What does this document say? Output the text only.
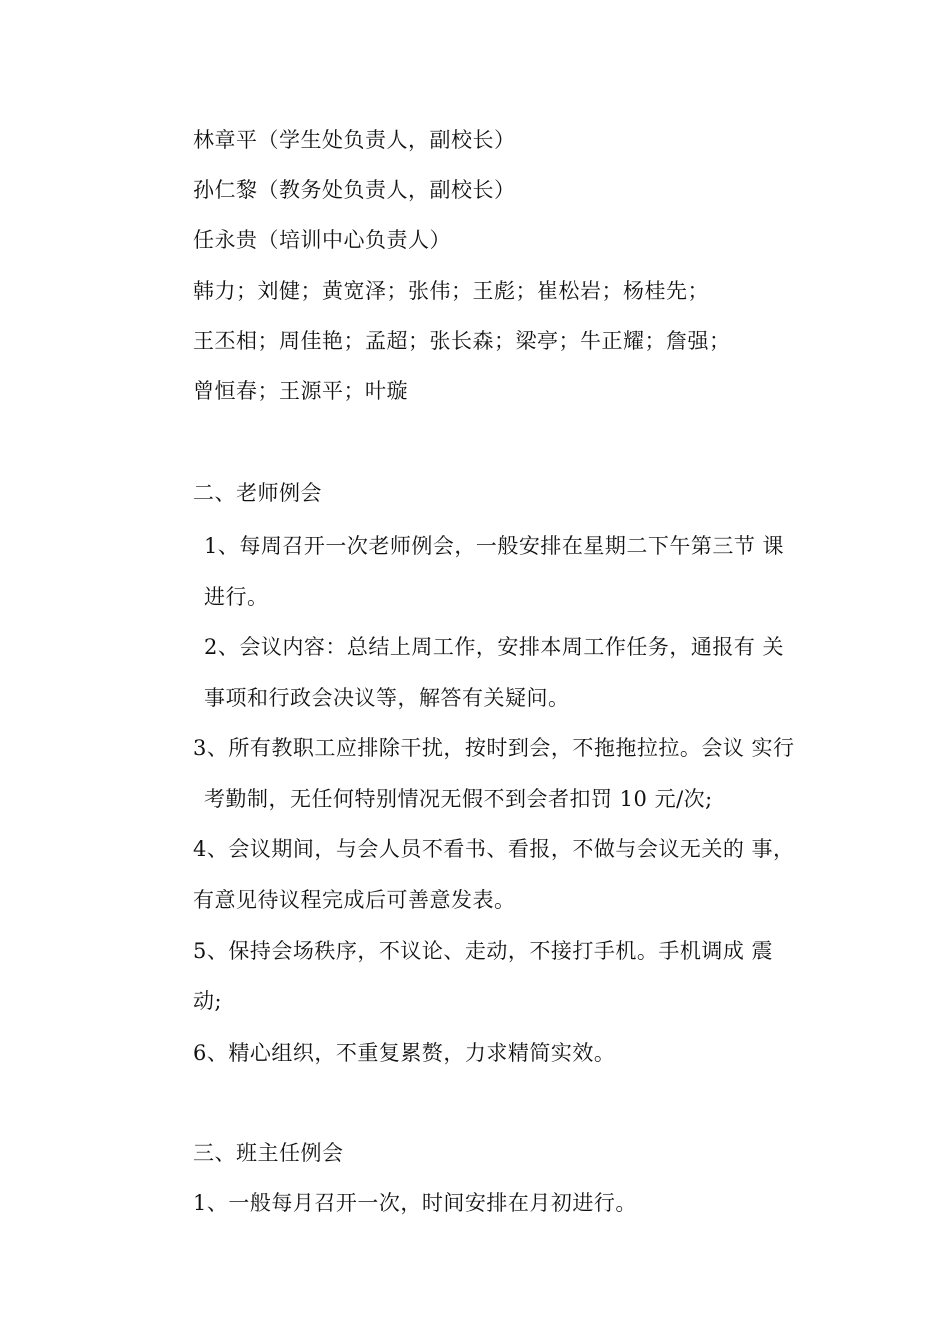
林章平（学生处负责人，副校长）
孙仁黎（教务处负责人，副校长）
任永贵（培训中心负责人）
韩力；刘健；黄宽泽；张伟；王彪；崔松岩；杨桂先；
王丕相；周佳艳；孟超；张长森；梁亭；牛正耀；詹强；
曾恒春；王源平；叶璇
二、老师例会
1、每周召开一次老师例会，一般安排在星期二下午第三节 课
进行。
2、会议内容：总结上周工作，安排本周工作任务，通报有 关
事项和行政会决议等，解答有关疑问。
3、所有教职工应排除干扰，按时到会，不拖拖拉拉。会议 实行
考勤制，无任何特别情况无假不到会者扣罚 10 元/次;
4、会议期间，与会人员不看书、看报，不做与会议无关的 事，
有意见待议程完成后可善意发表。
5、保持会场秩序，不议论、走动，不接打手机。手机调成 震
动;
6、精心组织，不重复累赘，力求精简实效。
三、班主任例会
1、一般每月召开一次，时间安排在月初进行。
